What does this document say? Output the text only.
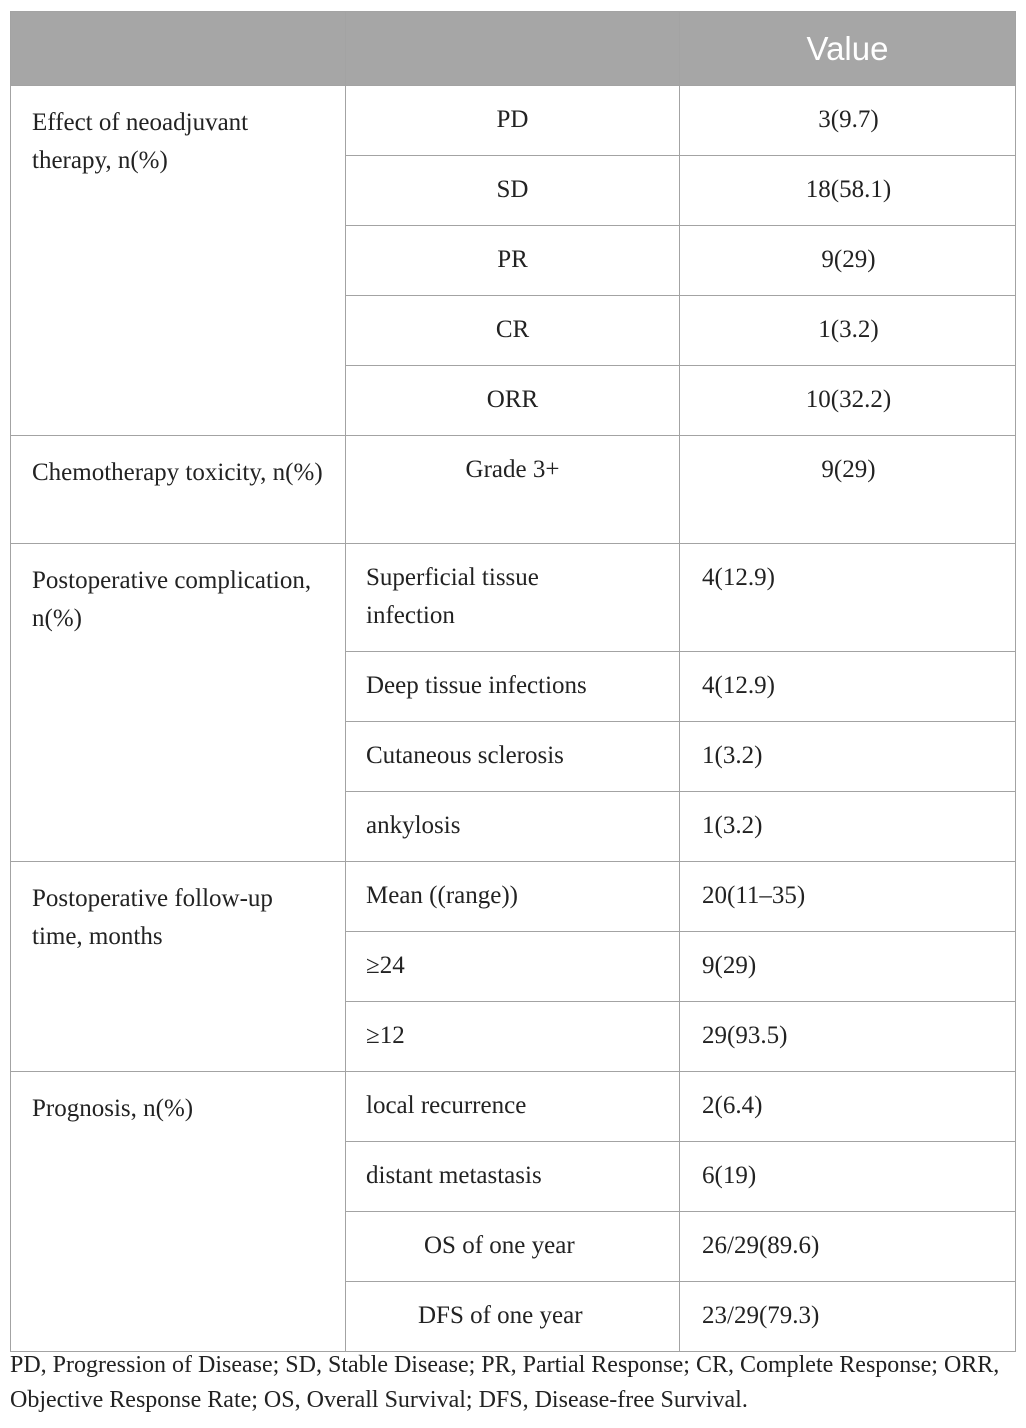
		Value
Effect of neoadjuvant therapy, n(%)	PD	3(9.7)
	SD	18(58.1)
	PR	9(29)
	CR	1(3.2)
	ORR	10(32.2)
Chemotherapy toxicity, n(%)	Grade 3+	9(29)
Postoperative complication, n(%)	Superficial tissue infection	4(12.9)
	Deep tissue infections	4(12.9)
	Cutaneous sclerosis	1(3.2)
	ankylosis	1(3.2)
Postoperative follow-up time, months	Mean ((range))	20(11–35)
	≥24	9(29)
	≥12	29(93.5)
Prognosis, n(%)	local recurrence	2(6.4)
	distant metastasis	6(19)
	OS of one year	26/29(89.6)
	DFS of one year	23/29(79.3)

PD, Progression of Disease; SD, Stable Disease; PR, Partial Response; CR, Complete Response; ORR, Objective Response Rate; OS, Overall Survival; DFS, Disease-free Survival.
